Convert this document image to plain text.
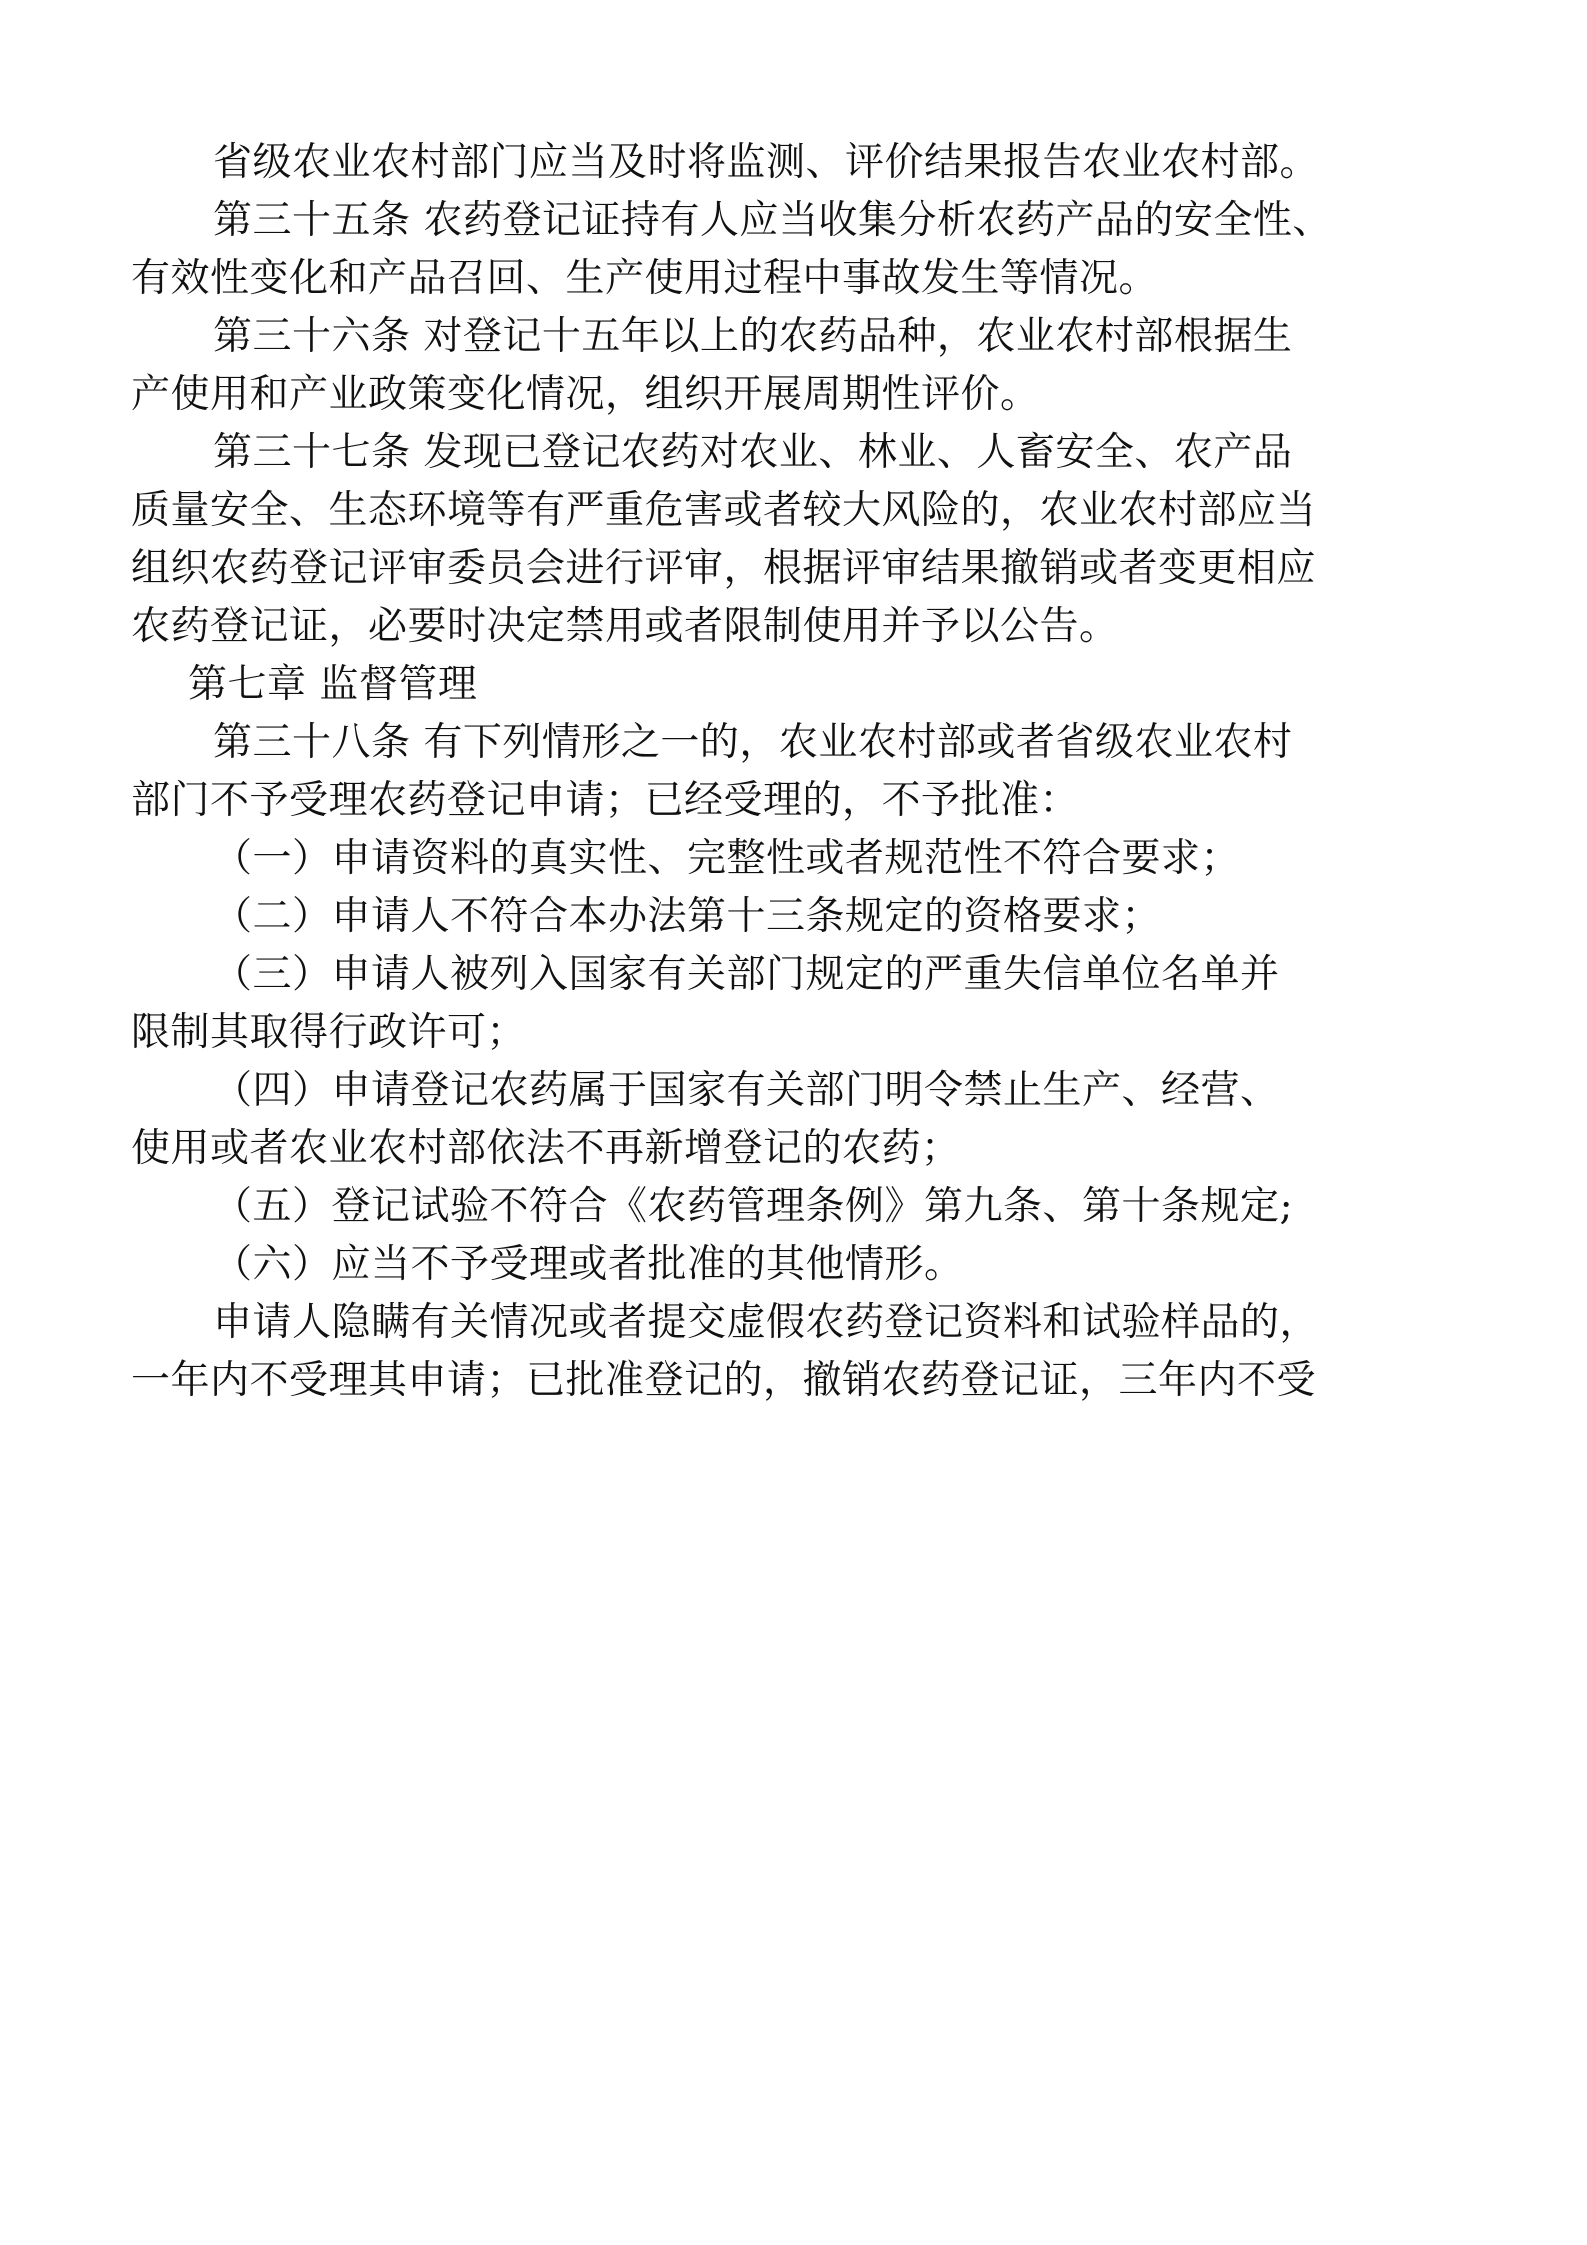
省级农业农村部门应当及时将监测、评价结果报告农业农村部。
第三十五条 农药登记证持有人应当收集分析农药产品的安全性、
有效性变化和产品召回、生产使用过程中事故发生等情况。
第三十六条 对登记十五年以上的农药品种，农业农村部根据生
产使用和产业政策变化情况，组织开展周期性评价。
第三十七条 发现已登记农药对农业、林业、人畜安全、农产品
质量安全、生态环境等有严重危害或者较大风险的，农业农村部应当
组织农药登记评审委员会进行评审，根据评审结果撤销或者变更相应
农药登记证，必要时决定禁用或者限制使用并予以公告。
第七章 监督管理
第三十八条 有下列情形之一的，农业农村部或者省级农业农村
部门不予受理农药登记申请；已经受理的，不予批准：
（一）申请资料的真实性、完整性或者规范性不符合要求；
（二）申请人不符合本办法第十三条规定的资格要求；
（三）申请人被列入国家有关部门规定的严重失信单位名单并
限制其取得行政许可；
（四）申请登记农药属于国家有关部门明令禁止生产、经营、
使用或者农业农村部依法不再新增登记的农药；
（五）登记试验不符合《农药管理条例》第九条、第十条规定;
（六）应当不予受理或者批准的其他情形。
申请人隐瞒有关情况或者提交虚假农药登记资料和试验样品的，
一年内不受理其申请；已批准登记的，撤销农药登记证，三年内不受
